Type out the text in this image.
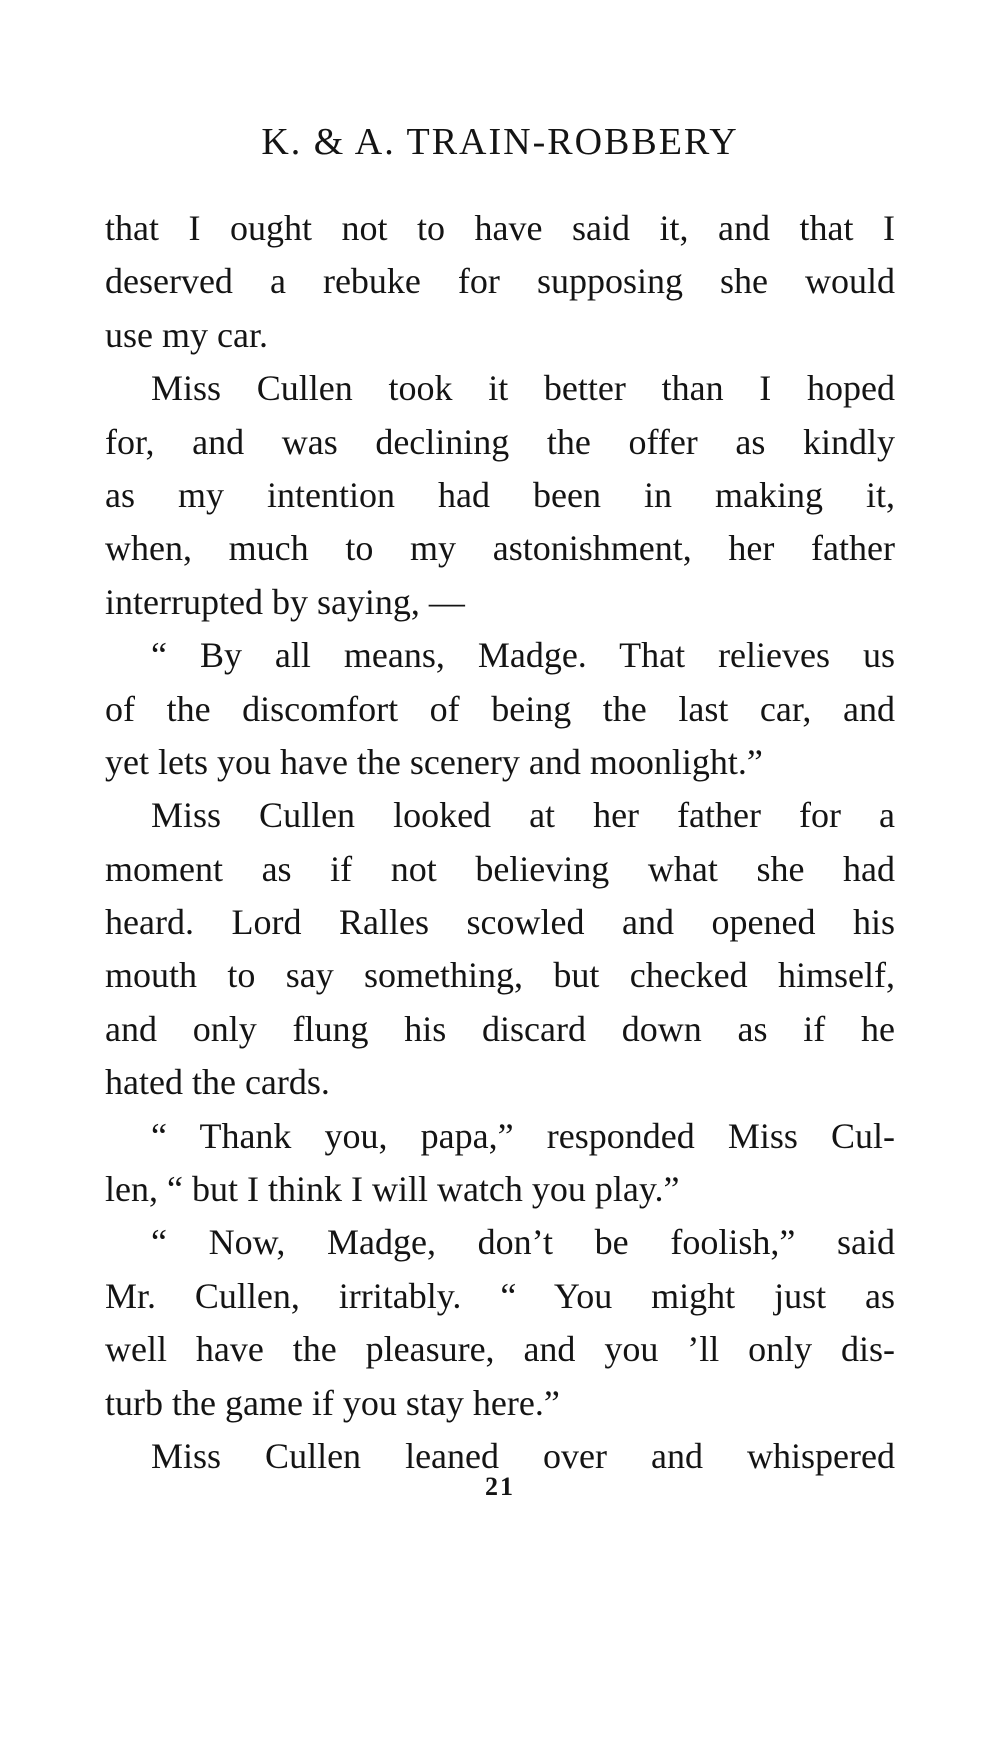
K. & A. TRAIN-ROBBERY
that I ought not to have said it, and that I
deserved a rebuke for supposing she would
use my car.
Miss Cullen took it better than I hoped
for, and was declining the offer as kindly
as my intention had been in making it,
when, much to my astonishment, her father
interrupted by saying, —
“ By all means, Madge. That relieves us
of the discomfort of being the last car, and
yet lets you have the scenery and moonlight.”
Miss Cullen looked at her father for a
moment as if not believing what she had
heard. Lord Ralles scowled and opened his
mouth to say something, but checked himself,
and only flung his discard down as if he
hated the cards.
“ Thank you, papa,” responded Miss Cul-
len, “ but I think I will watch you play.”
“ Now, Madge, don’t be foolish,” said
Mr. Cullen, irritably. “ You might just as
well have the pleasure, and you ’ll only dis-
turb the game if you stay here.”
Miss Cullen leaned over and whispered
21
